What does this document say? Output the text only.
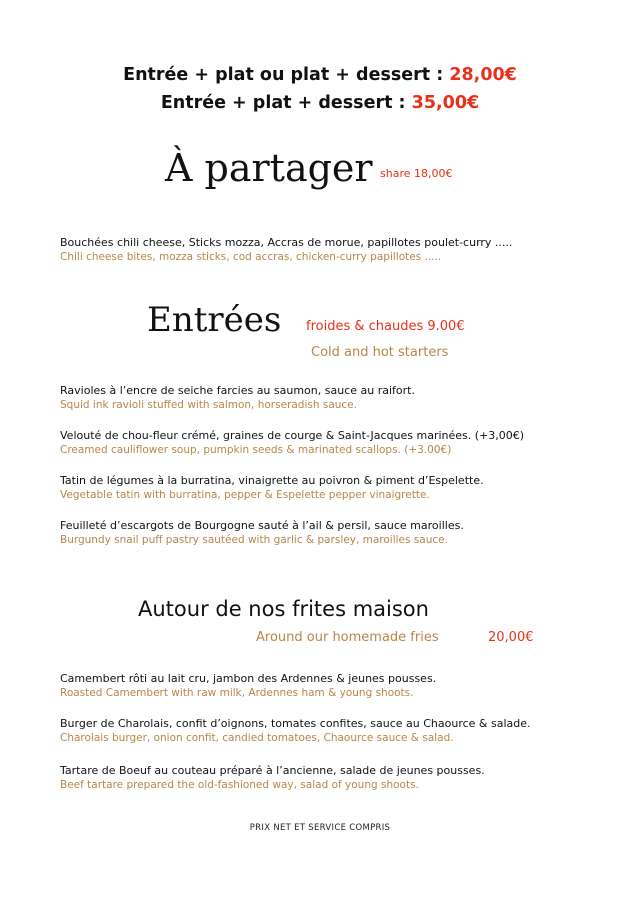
Entrée + plat ou plat + dessert : 28,00€
Entrée + plat + dessert : 35,00€
À partager share 18,00€
Bouchées chili cheese, Sticks mozza, Accras de morue, papillotes poulet-curry .....
Chili cheese bites, mozza sticks, cod accras, chicken-curry papillotes .....
Entrées froides & chaudes 9.00€
Cold and hot starters
Ravioles à l’encre de seiche farcies au saumon, sauce au raifort.
Squid ink ravioli stuffed with salmon, horseradish sauce.
Velouté de chou-fleur crémé, graines de courge & Saint-Jacques marinées. (+3,00€)
Creamed cauliflower soup, pumpkin seeds & marinated scallops. (+3.00€)
Tatin de légumes à la burratina, vinaigrette au poivron & piment d’Espelette.
Vegetable tatin with burratina, pepper & Espelette pepper vinaigrette.
Feuilleté d’escargots de Bourgogne sauté à l’ail & persil, sauce maroilles.
Burgundy snail puff pastry sautéed with garlic & parsley, maroilles sauce.
Autour de nos frites maison
Around our homemade fries	20,00€
Camembert rôti au lait cru, jambon des Ardennes & jeunes pousses.
Roasted Camembert with raw milk, Ardennes ham & young shoots.
Burger de Charolais, confit d’oignons, tomates confites, sauce au Chaource & salade.
Charolais burger, onion confit, candied tomatoes, Chaource sauce & salad.
Tartare de Boeuf au couteau préparé à l’ancienne, salade de jeunes pousses.
Beef tartare prepared the old-fashioned way, salad of young shoots.
PRIX NET ET SERVICE COMPRIS
